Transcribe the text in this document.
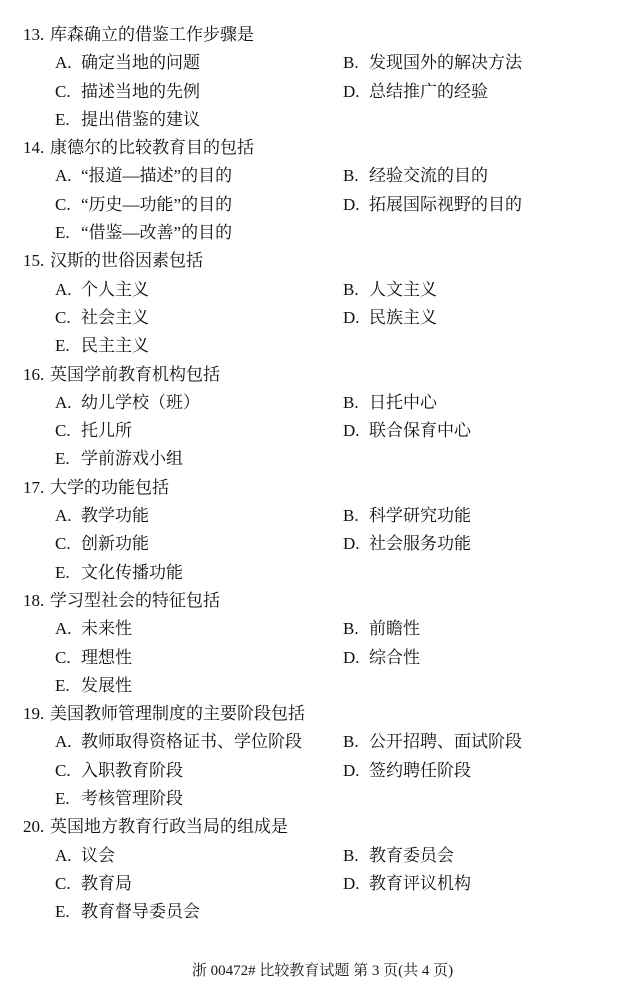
13. 库森确立的借鉴工作步骤是
A. 确定当地的问题	B. 发现国外的解决方法
C. 描述当地的先例	D. 总结推广的经验
E. 提出借鉴的建议
14. 康德尔的比较教育目的包括
A. “报道—描述”的目的	B. 经验交流的目的
C. “历史—功能”的目的	D. 拓展国际视野的目的
E. “借鉴—改善”的目的
15. 汉斯的世俗因素包括
A. 个人主义	B. 人文主义
C. 社会主义	D. 民族主义
E. 民主主义
16. 英国学前教育机构包括
A. 幼儿学校（班）	B. 日托中心
C. 托儿所	D. 联合保育中心
E. 学前游戏小组
17. 大学的功能包括
A. 教学功能	B. 科学研究功能
C. 创新功能	D. 社会服务功能
E. 文化传播功能
18. 学习型社会的特征包括
A. 未来性	B. 前瞻性
C. 理想性	D. 综合性
E. 发展性
19. 美国教师管理制度的主要阶段包括
A. 教师取得资格证书、学位阶段 B. 公开招聘、面试阶段
C. 入职教育阶段	D. 签约聘任阶段
E. 考核管理阶段
20. 英国地方教育行政当局的组成是
A. 议会	B. 教育委员会
C. 教育局	D. 教育评议机构
E. 教育督导委员会
浙 00472# 比较教育试题 第 3 页(共 4 页)
